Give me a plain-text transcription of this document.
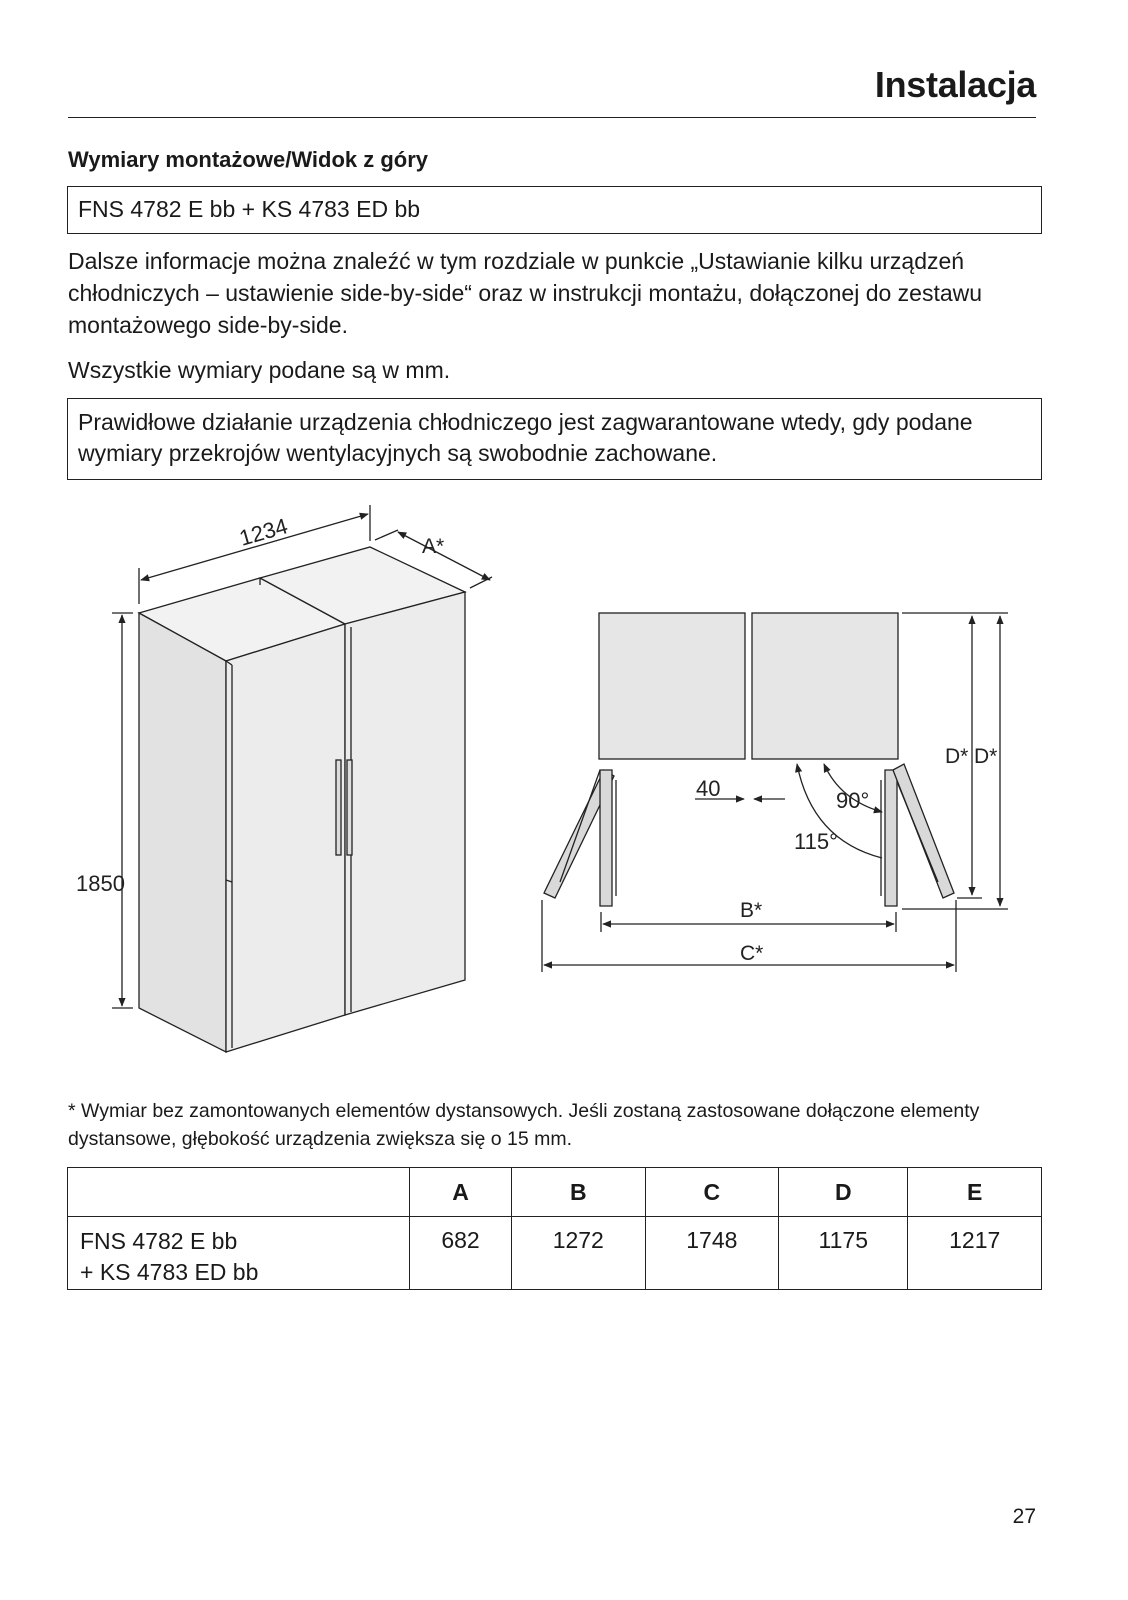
Instalacja
Wymiary montażowe/Widok z góry
FNS 4782 E bb + KS 4783 ED bb
Dalsze informacje można znaleźć w tym rozdziale w punkcie „Ustawianie kilku urządzeń chłodniczych – ustawienie side-by-side“ oraz w instrukcji montażu, dołączonej do zestawu montażowego side-by-side.
Wszystkie wymiary podane są w mm.
Prawidłowe działanie urządzenia chłodniczego jest zagwarantowane wtedy, gdy podane wymiary przekrojów wentylacyjnych są swobodnie zachowane.
1234	A*
1850
40	90°
115°
B*
C*
D* D*
* Wymiar bez zamontowanych elementów dystansowych. Jeśli zostaną zastosowane dołączone elementy dystansowe, głębokość urządzenia zwiększa się o 15 mm.
	A	B	C	D	E

FNS 4782 E bb
+ KS 4783 ED bb	682	1272	1748	1175	1217
27
